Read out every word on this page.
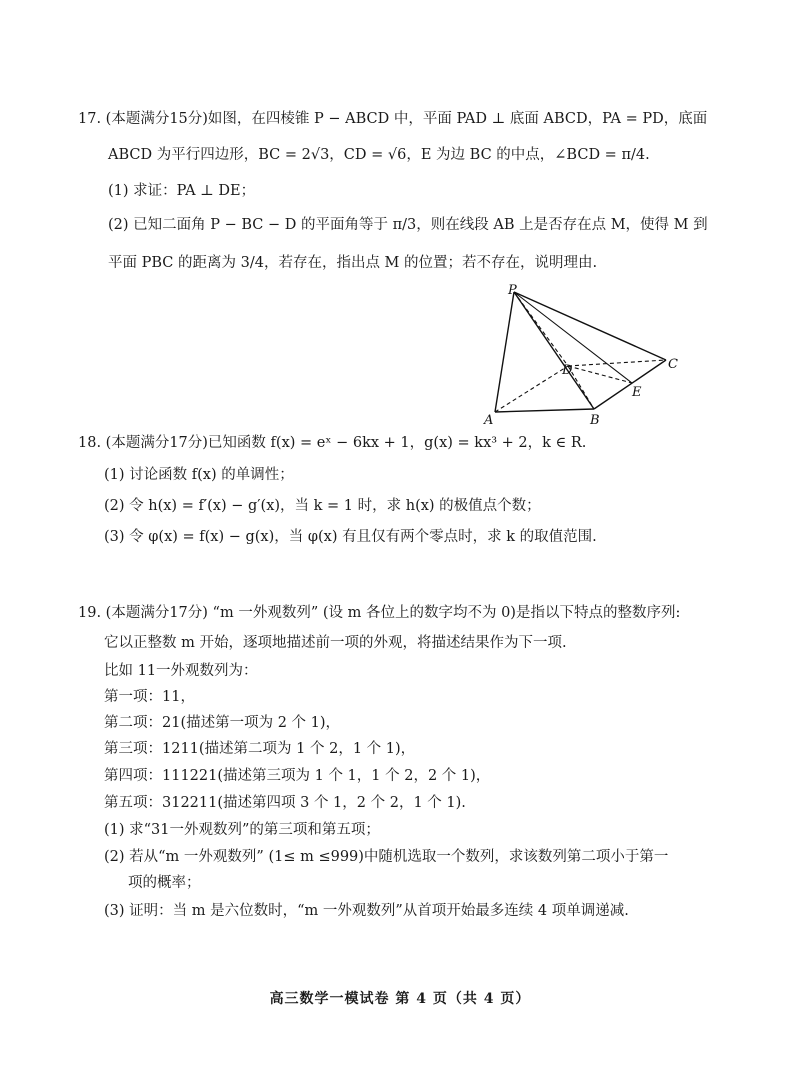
17. (本题满分15分)如图，在四棱锥 P − ABCD 中，平面 PAD ⊥ 底面 ABCD，PA = PD，底面
ABCD 为平行四边形，BC = 2√3，CD = √6，E 为边 BC 的中点，∠BCD = π/4.
(1) 求证：PA ⊥ DE；
(2) 已知二面角 P − BC − D 的平面角等于 π/3，则在线段 AB 上是否存在点 M，使得 M 到
平面 PBC 的距离为 3/4，若存在，指出点 M 的位置；若不存在，说明理由.
P
D	C
E
A	B
18. (本题满分17分)已知函数 f(x) = eˣ − 6kx + 1，g(x) = kx³ + 2，k ∈ R.
(1) 讨论函数 f(x) 的单调性；
(2) 令 h(x) = f′(x) − g′(x)，当 k = 1 时，求 h(x) 的极值点个数；
(3) 令 φ(x) = f(x) − g(x)，当 φ(x) 有且仅有两个零点时，求 k 的取值范围.
19. (本题满分17分) “m 一外观数列” (设 m 各位上的数字均不为 0)是指以下特点的整数序列:
它以正整数 m 开始，逐项地描述前一项的外观，将描述结果作为下一项.
比如 11一外观数列为：
第一项：11，
第二项：21(描述第一项为 2 个 1)，
第三项：1211(描述第二项为 1 个 2，1 个 1)，
第四项：111221(描述第三项为 1 个 1，1 个 2，2 个 1)，
第五项：312211(描述第四项 3 个 1，2 个 2，1 个 1).
(1) 求“31一外观数列”的第三项和第五项；
(2) 若从“m 一外观数列” (1≤ m ≤999)中随机选取一个数列，求该数列第二项小于第一
项的概率；
(3) 证明：当 m 是六位数时，“m 一外观数列”从首项开始最多连续 4 项单调递减.
高三数学一模试卷 第 4 页（共 4 页）
